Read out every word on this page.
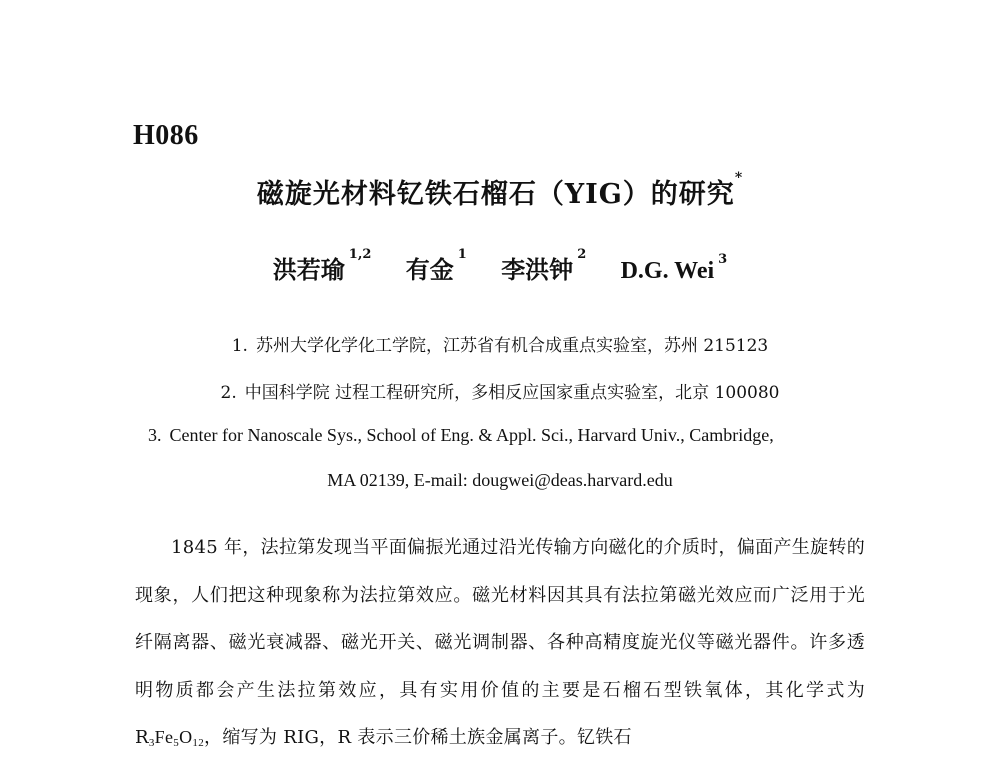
H086
磁旋光材料钇铁石榴石（YIG）的研究*
洪若瑜$^{1,2}$ 有金$^1$ 李洪钟$^2$ D.G. Wei $^3$
1. 苏州大学化学化工学院，江苏省有机合成重点实验室，苏州 215123
2. 中国科学院 过程工程研究所，多相反应国家重点实验室，北京 100080
3. Center for Nanoscale Sys., School of Eng. & Appl. Sci., Harvard Univ., Cambridge,
MA 02139, E-mail: dougwei@deas.harvard.edu
1845 年，法拉第发现当平面偏振光通过沿光传输方向磁化的介质时，偏面产生旋转的现象，人们把这种现象称为法拉第效应。磁光材料因其具有法拉第磁光效应而广泛用于光纤隔离器、磁光衰减器、磁光开关、磁光调制器、各种高精度旋光仪等磁光器件。许多透明物质都会产生法拉第效应，具有实用价值的主要是石榴石型铁氧体，其化学式为 $R_3Fe_5O_{12}$，缩写为 RIG，R 表示三价稀土族金属离子。钇铁石
